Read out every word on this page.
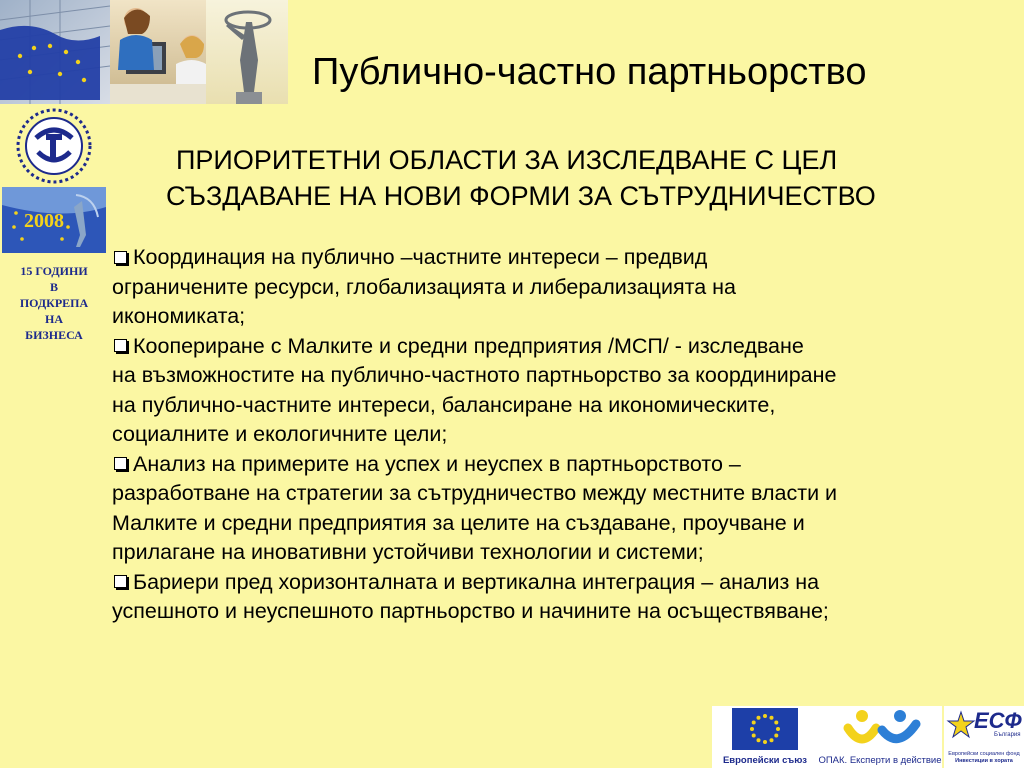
2008
15 ГОДИНИ
В
ПОДКРЕПА
НА
БИЗНЕСА
Публично-частно партньорство
ПРИОРИТЕТНИ ОБЛАСТИ ЗА ИЗСЛЕДВАНЕ С ЦЕЛ
СЪЗДАВАНЕ НА НОВИ ФОРМИ ЗА СЪТРУДНИЧЕСТВО
Координация на публично –частните интереси – предвид
ограничените ресурси, глобализацията и либерализацията на
икономиката;
Коопериране с Малките и средни предприятия /МСП/ - изследване
на възможностите на публично-частното партньорство за координиране
на публично-частните интереси, балансиране на икономическите,
социалните и екологичните цели;
Анализ на примерите на успех и неуспех в партньорството –
разработване на стратегии за сътрудничество между местните власти и
Малките и средни предприятия за целите на създаване, проучване и
прилагане на иновативни устойчиви технологии и системи;
Бариери пред хоризонталната и вертикална интеграция – анализ на
успешното и неуспешното партньорство и начините на осъществяване;
Европейски съюз	ОПАК. Експерти в действие
ЕСФ
България
Европейски социален фонд
Инвестиции в хората
